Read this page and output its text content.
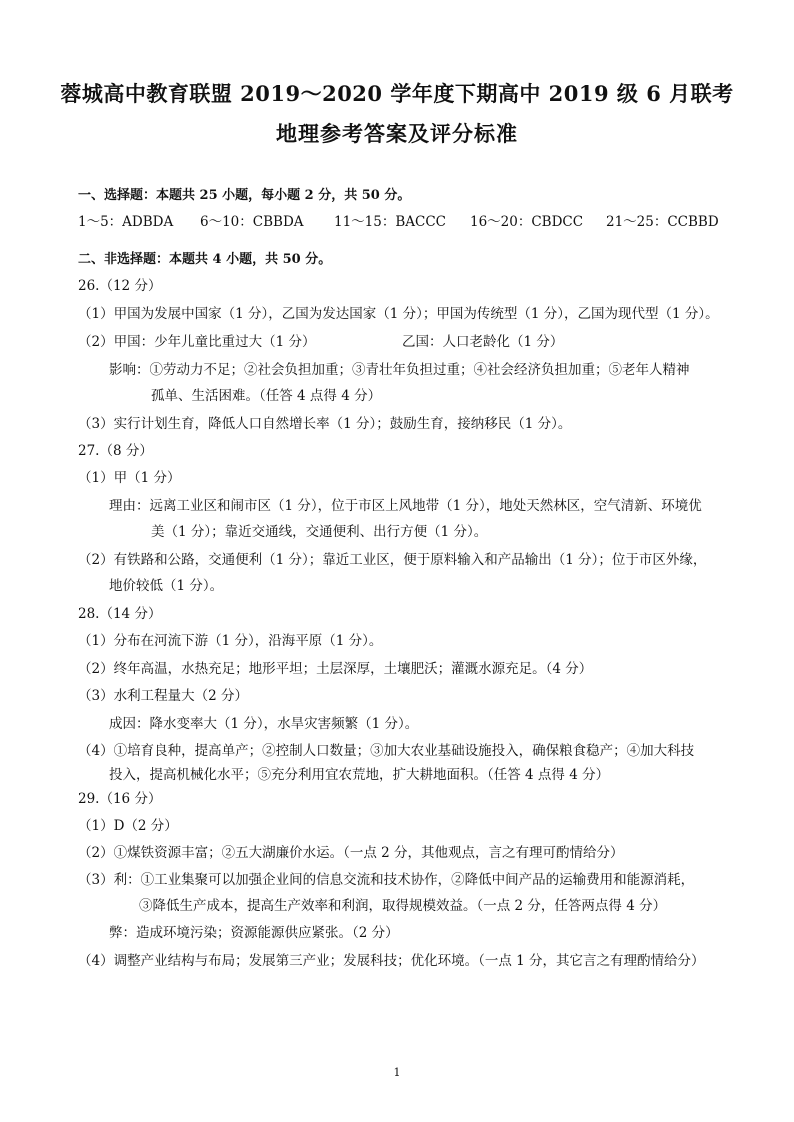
蓉城高中教育联盟 2019～2020 学年度下期高中 2019 级 6 月联考
地理参考答案及评分标准
一、选择题：本题共 25 小题，每小题 2 分，共 50 分。
1～5：ADBDA 6～10：CBBDA 11～15：BACCC 16～20：CBDCC 21～25：CCBBD
二、非选择题：本题共 4 小题，共 50 分。
26.（12 分）
（1）甲国为发展中国家（1 分），乙国为发达国家（1 分）；甲国为传统型（1 分），乙国为现代型（1 分）。
（2）甲国：少年儿童比重过大（1 分）	乙国：人口老龄化（1 分）
影响：①劳动力不足；②社会负担加重；③青壮年负担过重；④社会经济负担加重；⑤老年人精神
孤单、生活困难。（任答 4 点得 4 分）
（3）实行计划生育，降低人口自然增长率（1 分）；鼓励生育，接纳移民（1 分）。
27.（8 分）
（1）甲（1 分）
理由：远离工业区和闹市区（1 分），位于市区上风地带（1 分），地处天然林区，空气清新、环境优
美（1 分）；靠近交通线，交通便利、出行方便（1 分）。
（2）有铁路和公路，交通便利（1 分）；靠近工业区，便于原料输入和产品输出（1 分）；位于市区外缘，
地价较低（1 分）。
28.（14 分）
（1）分布在河流下游（1 分），沿海平原（1 分）。
（2）终年高温，水热充足；地形平坦；土层深厚，土壤肥沃；灌溉水源充足。（4 分）
（3）水利工程量大（2 分）
成因：降水变率大（1 分），水旱灾害频繁（1 分）。
（4）①培育良种，提高单产；②控制人口数量；③加大农业基础设施投入，确保粮食稳产；④加大科技
投入，提高机械化水平；⑤充分利用宜农荒地，扩大耕地面积。（任答 4 点得 4 分）
29.（16 分）
（1）D（2 分）
（2）①煤铁资源丰富；②五大湖廉价水运。（一点 2 分，其他观点，言之有理可酌情给分）
（3）利：①工业集聚可以加强企业间的信息交流和技术协作，②降低中间产品的运输费用和能源消耗，
③降低生产成本，提高生产效率和利润，取得规模效益。（一点 2 分，任答两点得 4 分）
弊：造成环境污染；资源能源供应紧张。（2 分）
（4）调整产业结构与布局；发展第三产业；发展科技；优化环境。（一点 1 分，其它言之有理酌情给分）
1
